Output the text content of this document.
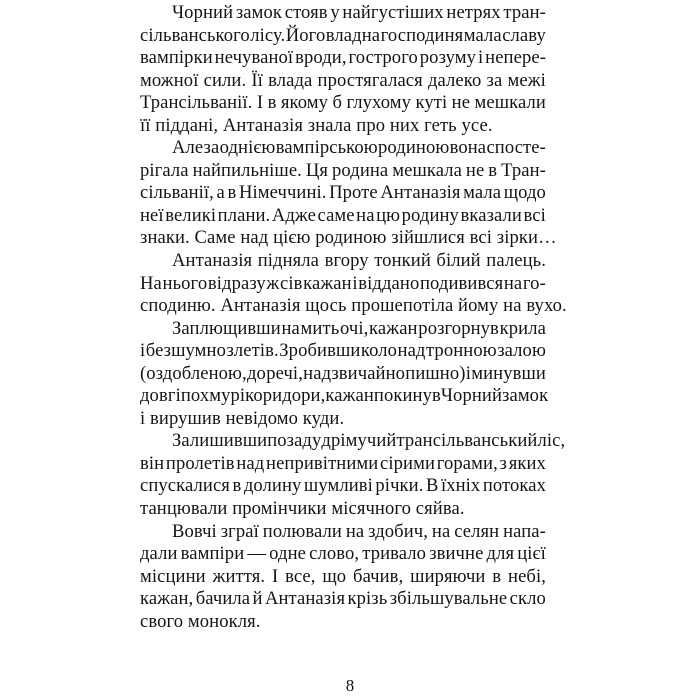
Чорний замок стояв у найгустіших нетрях тран-
сільванського лісу. Його владна господиня мала славу
вампірки нечуваної вроди, гострого розуму і непере-
можної сили. Її влада простягалася далеко за межі
Трансільванії. І в якому б глухому куті не мешкали
її піддані, Антаназія знала про них геть усе.
Але за однією вампірською родиною вона спосте-
рігала найпильніше. Ця родина мешкала не в Тран-
сільванії, а в Німеччині. Проте Антаназія мала щодо
неї великі плани. Адже саме на цю родину вказали всі
знаки. Саме над цією родиною зійшлися всі зірки…
Антаназія підняла вгору тонкий білий палець.
На нього відразу ж сів кажан і віддано подивився на го-
сподиню. Антаназія щось прошепотіла йому на вухо.
Заплющивши на мить очі, кажан розгорнув крила
і безшумно злетів. Зробивши коло над тронною залою
(оздобленою, до речі, надзвичайно пишно) і минувши
довгі похмурі коридори, кажан покинув Чорний замок
і вирушив невідомо куди.
Залишивши позаду дрімучий трансільванський ліс,
він пролетів над непривітними сірими горами, з яких
спускалися в долину шумливі річки. В їхніх потоках
танцювали промінчики місячного сяйва.
Вовчі зграї полювали на здобич, на селян напа-
дали вампіри — одне слово, тривало звичне для цієї
місцини життя. І все, що бачив, ширяючи в небі,
кажан, бачила й Антаназія крізь збільшувальне скло
свого монокля.
8
